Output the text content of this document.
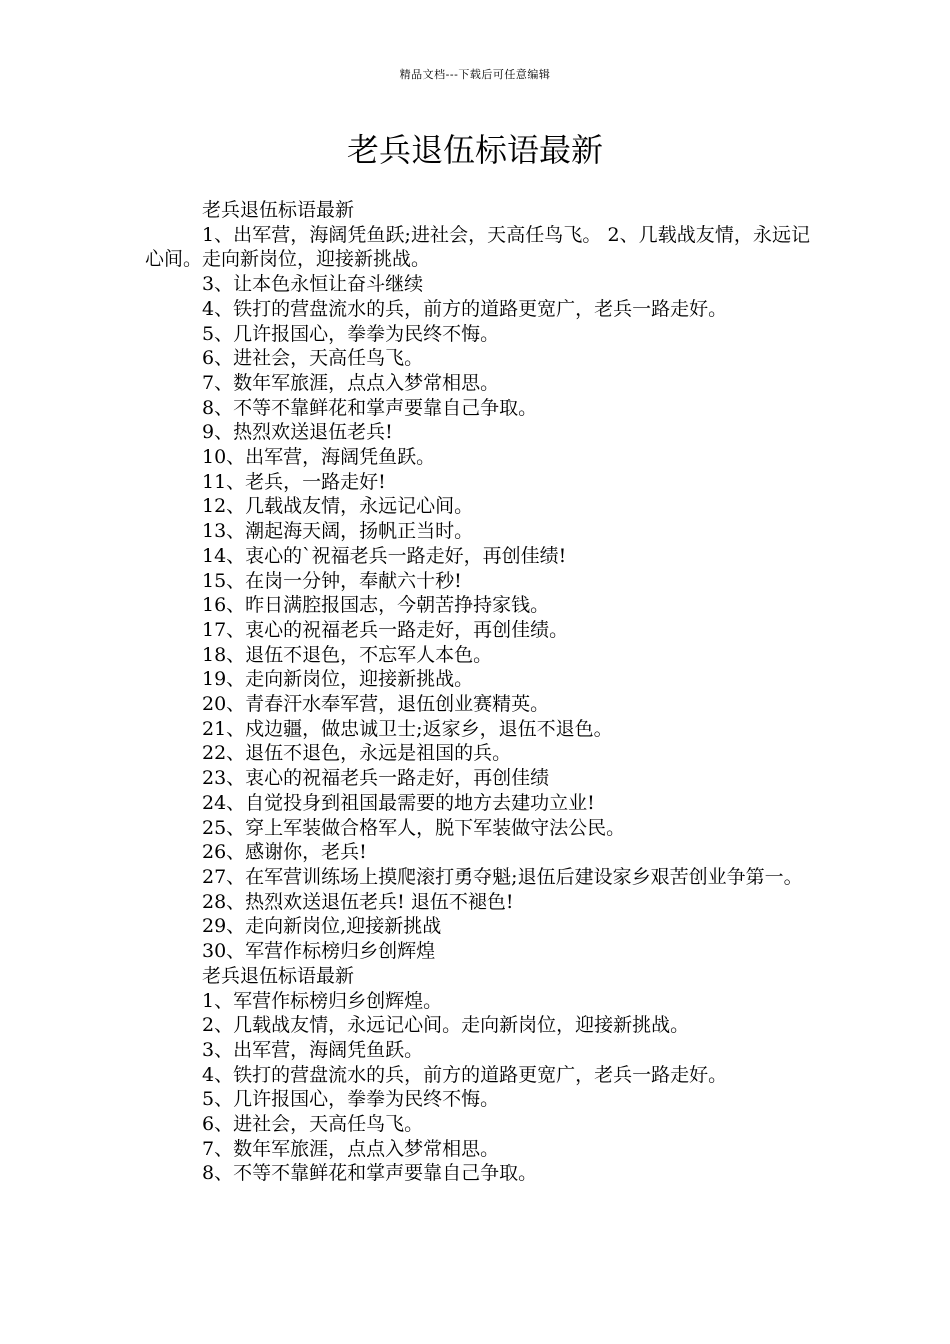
精品文档---下载后可任意编辑
老兵退伍标语最新

老兵退伍标语最新

1、出军营，海阔凭鱼跃;进社会，天高任鸟飞。 2、几载战友情，永远记心间。走向新岗位，迎接新挑战。

3、让本色永恒让奋斗继续

4、铁打的营盘流水的兵，前方的道路更宽广，老兵一路走好。

5、几许报国心，拳拳为民终不悔。

6、进社会，天高任鸟飞。

7、数年军旅涯，点点入梦常相思。

8、不等不靠鲜花和掌声要靠自己争取。

9、热烈欢送退伍老兵!

10、出军营，海阔凭鱼跃。

11、老兵，一路走好!

12、几载战友情，永远记心间。

13、潮起海天阔，扬帆正当时。

14、衷心的`祝福老兵一路走好，再创佳绩!

15、在岗一分钟，奉献六十秒!

16、昨日满腔报国志，今朝苦挣持家钱。

17、衷心的祝福老兵一路走好，再创佳绩。

18、退伍不退色，不忘军人本色。

19、走向新岗位，迎接新挑战。

20、青春汗水奉军营，退伍创业赛精英。

21、戍边疆，做忠诚卫士;返家乡，退伍不退色。

22、退伍不退色，永远是祖国的兵。

23、衷心的祝福老兵一路走好，再创佳绩

24、自觉投身到祖国最需要的地方去建功立业!

25、穿上军装做合格军人，脱下军装做守法公民。

26、感谢你，老兵!

27、在军营训练场上摸爬滚打勇夺魁;退伍后建设家乡艰苦创业争第一。

28、热烈欢送退伍老兵! 退伍不褪色!

29、走向新岗位,迎接新挑战

30、军营作标榜归乡创辉煌

老兵退伍标语最新

1、军营作标榜归乡创辉煌。

2、几载战友情，永远记心间。走向新岗位，迎接新挑战。

3、出军营，海阔凭鱼跃。

4、铁打的营盘流水的兵，前方的道路更宽广，老兵一路走好。

5、几许报国心，拳拳为民终不悔。

6、进社会，天高任鸟飞。

7、数年军旅涯，点点入梦常相思。

8、不等不靠鲜花和掌声要靠自己争取。
